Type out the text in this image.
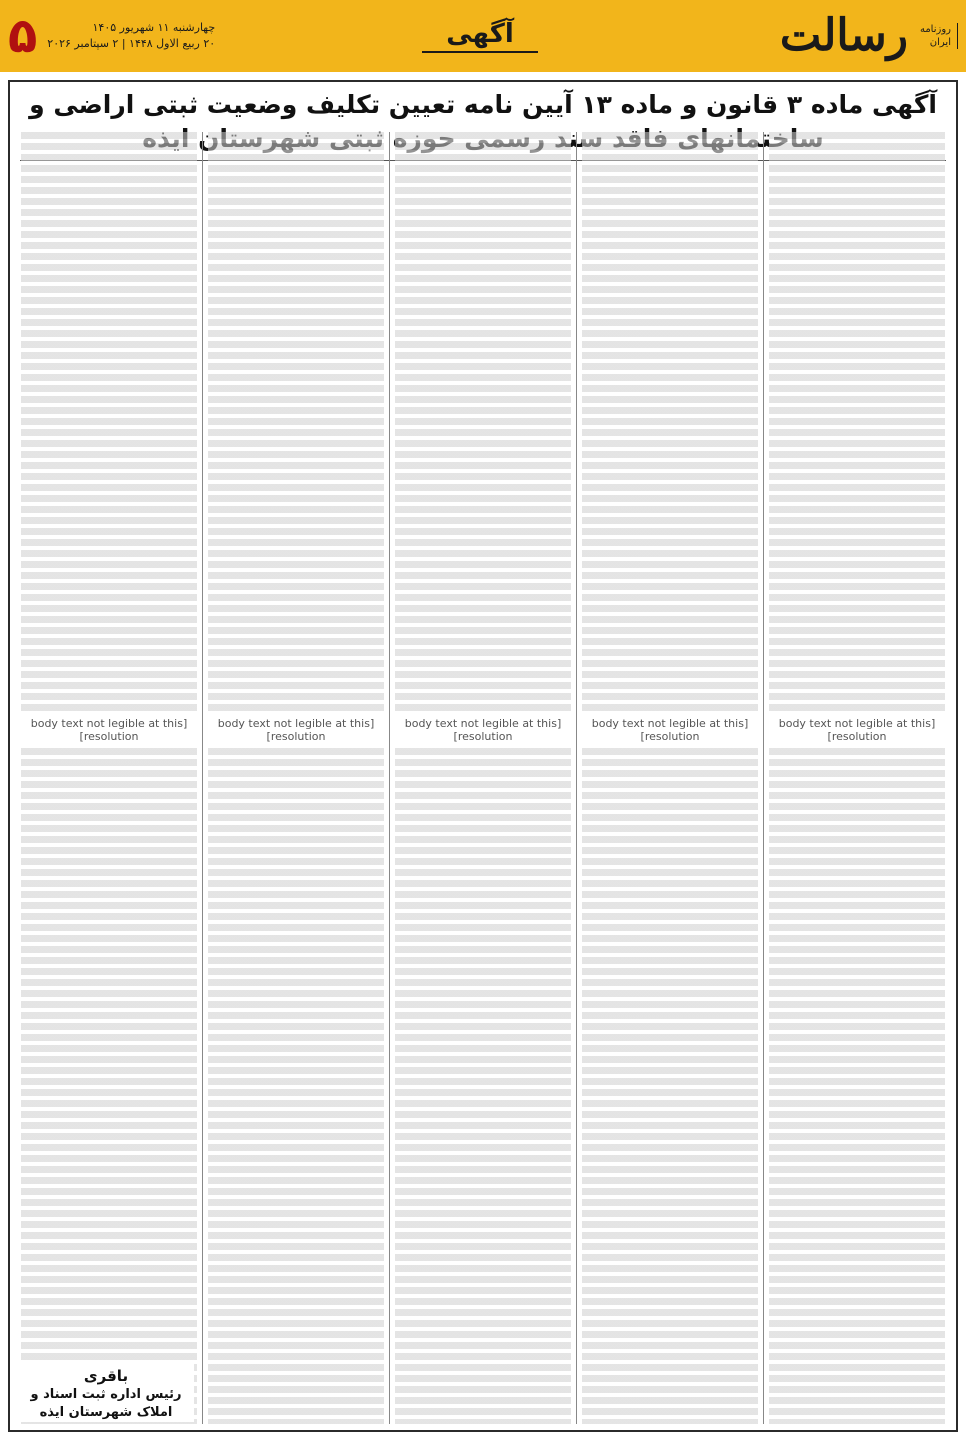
روزنامه
ایران
رسالت
آگهی
چهارشنبه ۱۱ شهریور ۱۴۰۵
۲۰ ربیع الاول ۱۴۴۸ | ۲ سپتامبر ۲۰۲۶
۵
آگهی ماده ۳ قانون و ماده ۱۳ آیین نامه تعیین تکلیف وضعیت ثبتی اراضی و سند
[body text not legible at this resolution]
[body text not legible at this resolution]
[body text not legible at this resolution]
[body text not legible at this resolution]
[body text not legible at this resolution]
باقری
رئیس اداره ثبت اسناد و املاک شهرستان ایذه
